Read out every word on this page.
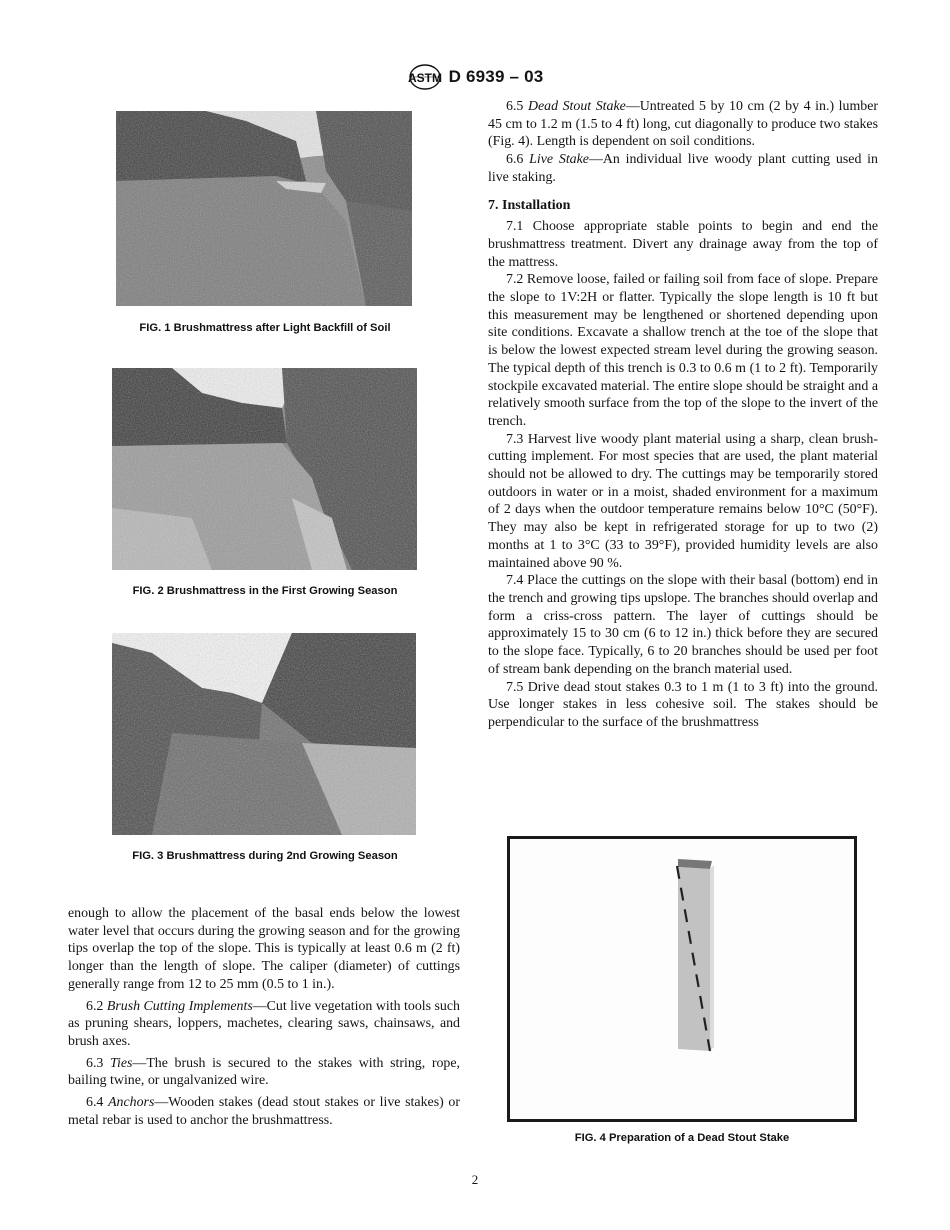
ASTM D 6939 – 03
FIG. 1 Brushmattress after Light Backfill of Soil
FIG. 2 Brushmattress in the First Growing Season
FIG. 3 Brushmattress during 2nd Growing Season

enough to allow the placement of the basal ends below the lowest water level that occurs during the growing season and for the growing tips overlap the top of the slope. This is typically at least 0.6 m (2 ft) longer than the length of slope. The caliper (diameter) of cuttings generally range from 12 to 25 mm (0.5 to 1 in.).

6.2 Brush Cutting Implements—Cut live vegetation with tools such as pruning shears, loppers, machetes, clearing saws, chainsaws, and brush axes.

6.3 Ties—The brush is secured to the stakes with string, rope, bailing twine, or ungalvanized wire.

6.4 Anchors—Wooden stakes (dead stout stakes or live stakes) or metal rebar is used to anchor the brushmattress.

6.5 Dead Stout Stake—Untreated 5 by 10 cm (2 by 4 in.) lumber 45 cm to 1.2 m (1.5 to 4 ft) long, cut diagonally to produce two stakes (Fig. 4). Length is dependent on soil conditions.

6.6 Live Stake—An individual live woody plant cutting used in live staking.

7. Installation

7.1 Choose appropriate stable points to begin and end the brushmattress treatment. Divert any drainage away from the top of the mattress.

7.2 Remove loose, failed or failing soil from face of slope. Prepare the slope to 1V:2H or flatter. Typically the slope length is 10 ft but this measurement may be lengthened or shortened depending upon site conditions. Excavate a shallow trench at the toe of the slope that is below the lowest expected stream level during the growing season. The typical depth of this trench is 0.3 to 0.6 m (1 to 2 ft). Temporarily stockpile excavated material. The entire slope should be straight and a relatively smooth surface from the top of the slope to the invert of the trench.

7.3 Harvest live woody plant material using a sharp, clean brush-cutting implement. For most species that are used, the plant material should not be allowed to dry. The cuttings may be temporarily stored outdoors in water or in a moist, shaded environment for a maximum of 2 days when the outdoor temperature remains below 10°C (50°F). They may also be kept in refrigerated storage for up to two (2) months at 1 to 3°C (33 to 39°F), provided humidity levels are also maintained above 90 %.

7.4 Place the cuttings on the slope with their basal (bottom) end in the trench and growing tips upslope. The branches should overlap and form a criss-cross pattern. The layer of cuttings should be approximately 15 to 30 cm (6 to 12 in.) thick before they are secured to the slope face. Typically, 6 to 20 branches should be used per foot of stream bank depending on the branch material used.

7.5 Drive dead stout stakes 0.3 to 1 m (1 to 3 ft) into the ground. Use longer stakes in less cohesive soil. The stakes should be perpendicular to the surface of the brushmattress

FIG. 4 Preparation of a Dead Stout Stake
2
